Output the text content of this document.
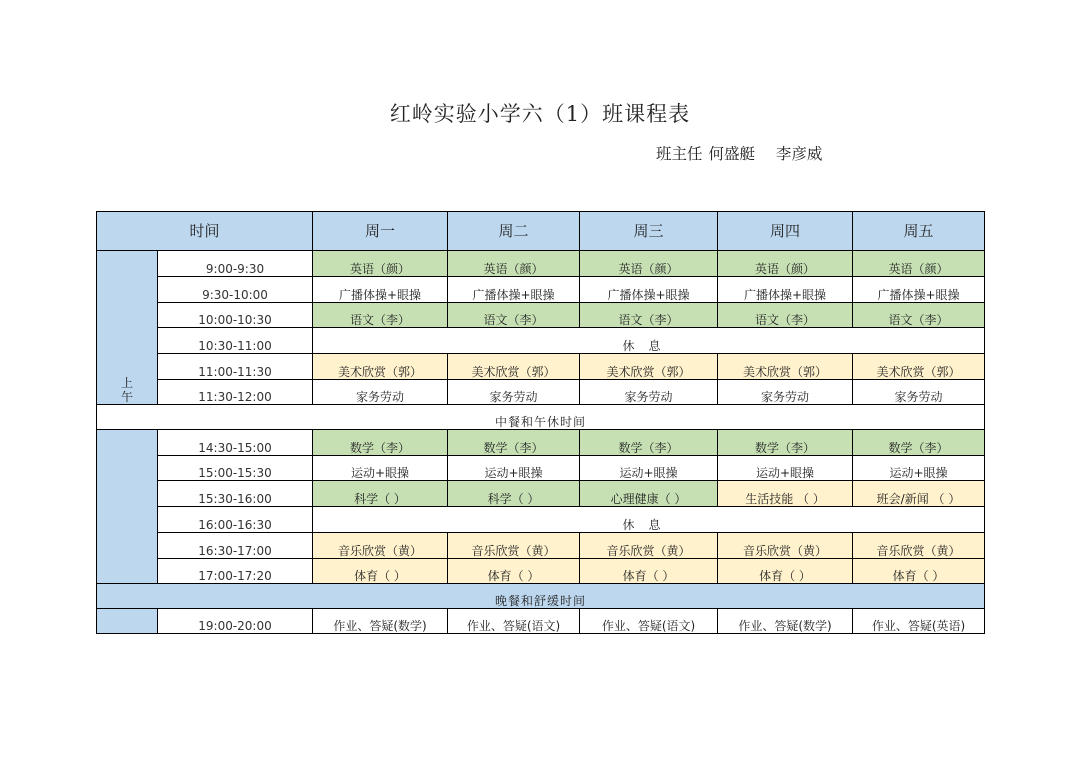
红岭实验小学六（1）班课程表
班主任 何盛艇 李彦威
时间		周一	周二	周三	周四	周五
上
午	9:00-9:30	英语（颜）	英语（颜）	英语（颜）	英语（颜）	英语（颜）
	9:30-10:00	广播体操+眼操	广播体操+眼操	广播体操+眼操	广播体操+眼操	广播体操+眼操
	10:00-10:30	语文（李）	语文（李）	语文（李）	语文（李）	语文（李）
	10:30-11:00	休息				
	11:00-11:30	美术欣赏（郭）	美术欣赏（郭）	美术欣赏（郭）	美术欣赏（郭）	美术欣赏（郭）
	11:30-12:00	家务劳动	家务劳动	家务劳动	家务劳动	家务劳动
中餐和午休时间						
	14:30-15:00	数学（李）	数学（李）	数学（李）	数学（李）	数学（李）
	15:00-15:30	运动+眼操	运动+眼操	运动+眼操	运动+眼操	运动+眼操
	15:30-16:00	科学（ ）	科学（ ）	心理健康（ ）	生活技能 （ ）	班会/新闻 （ ）
	16:00-16:30	休息				
	16:30-17:00	音乐欣赏（黄）	音乐欣赏（黄）	音乐欣赏（黄）	音乐欣赏（黄）	音乐欣赏（黄）
	17:00-17:20	体育（ ）	体育（ ）	体育（ ）	体育（ ）	体育（ ）
晚餐和舒缓时间						
	19:00-20:00	作业、答疑(数学)	作业、答疑(语文)	作业、答疑(语文)	作业、答疑(数学)	作业、答疑(英语)
